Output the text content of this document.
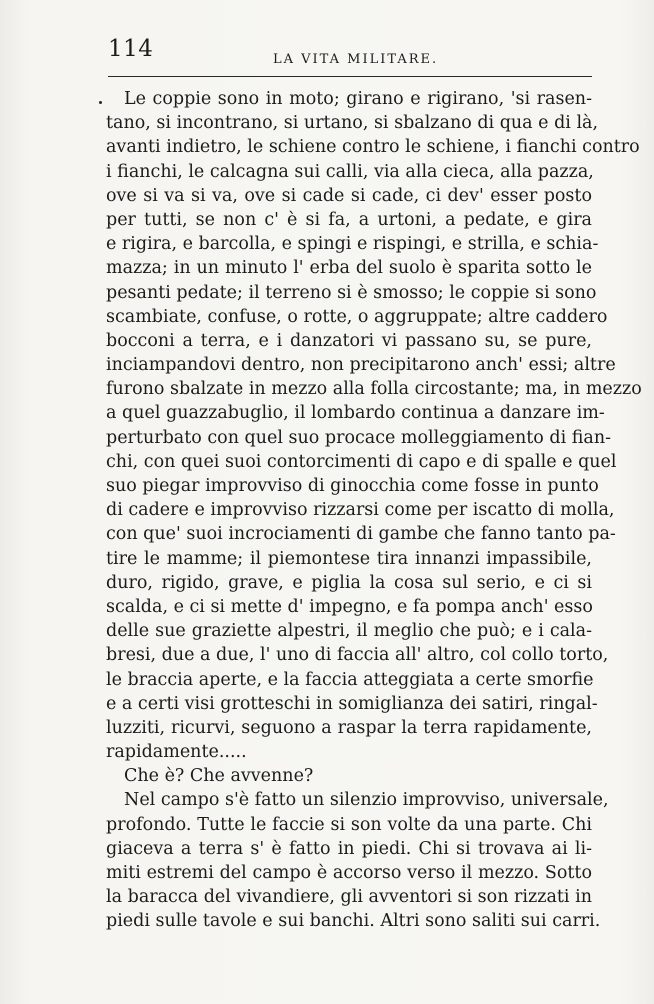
114	LA VITA MILITARE.
Le coppie sono in moto; girano e rigirano, 'si rasen-
tano, si incontrano, si urtano, si sbalzano di qua e di là,
avanti indietro, le schiene contro le schiene, i fianchi contro
i fianchi, le calcagna sui calli, via alla cieca, alla pazza,
ove si va si va, ove si cade si cade, ci dev' esser posto
per tutti, se non c' è si fa, a urtoni, a pedate, e gira
e rigira, e barcolla, e spingi e rispingi, e strilla, e schia-
mazza; in un minuto l' erba del suolo è sparita sotto le
pesanti pedate; il terreno si è smosso; le coppie si sono
scambiate, confuse, o rotte, o aggruppate; altre caddero
bocconi a terra, e i danzatori vi passano su, se pure,
inciampandovi dentro, non precipitarono anch' essi; altre
furono sbalzate in mezzo alla folla circostante; ma, in mezzo
a quel guazzabuglio, il lombardo continua a danzare im-
perturbato con quel suo procace molleggiamento di fian-
chi, con quei suoi contorcimenti di capo e di spalle e quel
suo piegar improvviso di ginocchia come fosse in punto
di cadere e improvviso rizzarsi come per iscatto di molla,
con que' suoi incrociamenti di gambe che fanno tanto pa-
tire le mamme; il piemontese tira innanzi impassibile,
duro, rigido, grave, e piglia la cosa sul serio, e ci si
scalda, e ci si mette d' impegno, e fa pompa anch' esso
delle sue graziette alpestri, il meglio che può; e i cala-
bresi, due a due, l' uno di faccia all' altro, col collo torto,
le braccia aperte, e la faccia atteggiata a certe smorfie
e a certi visi grotteschi in somiglianza dei satiri, ringal-
luzziti, ricurvi, seguono a raspar la terra rapidamente,
rapidamente.....
Che è? Che avvenne?
Nel campo s'è fatto un silenzio improvviso, universale,
profondo. Tutte le faccie si son volte da una parte. Chi
giaceva a terra s' è fatto in piedi. Chi si trovava ai li-
miti estremi del campo è accorso verso il mezzo. Sotto
la baracca del vivandiere, gli avventori si son rizzati in
piedi sulle tavole e sui banchi. Altri sono saliti sui carri.
